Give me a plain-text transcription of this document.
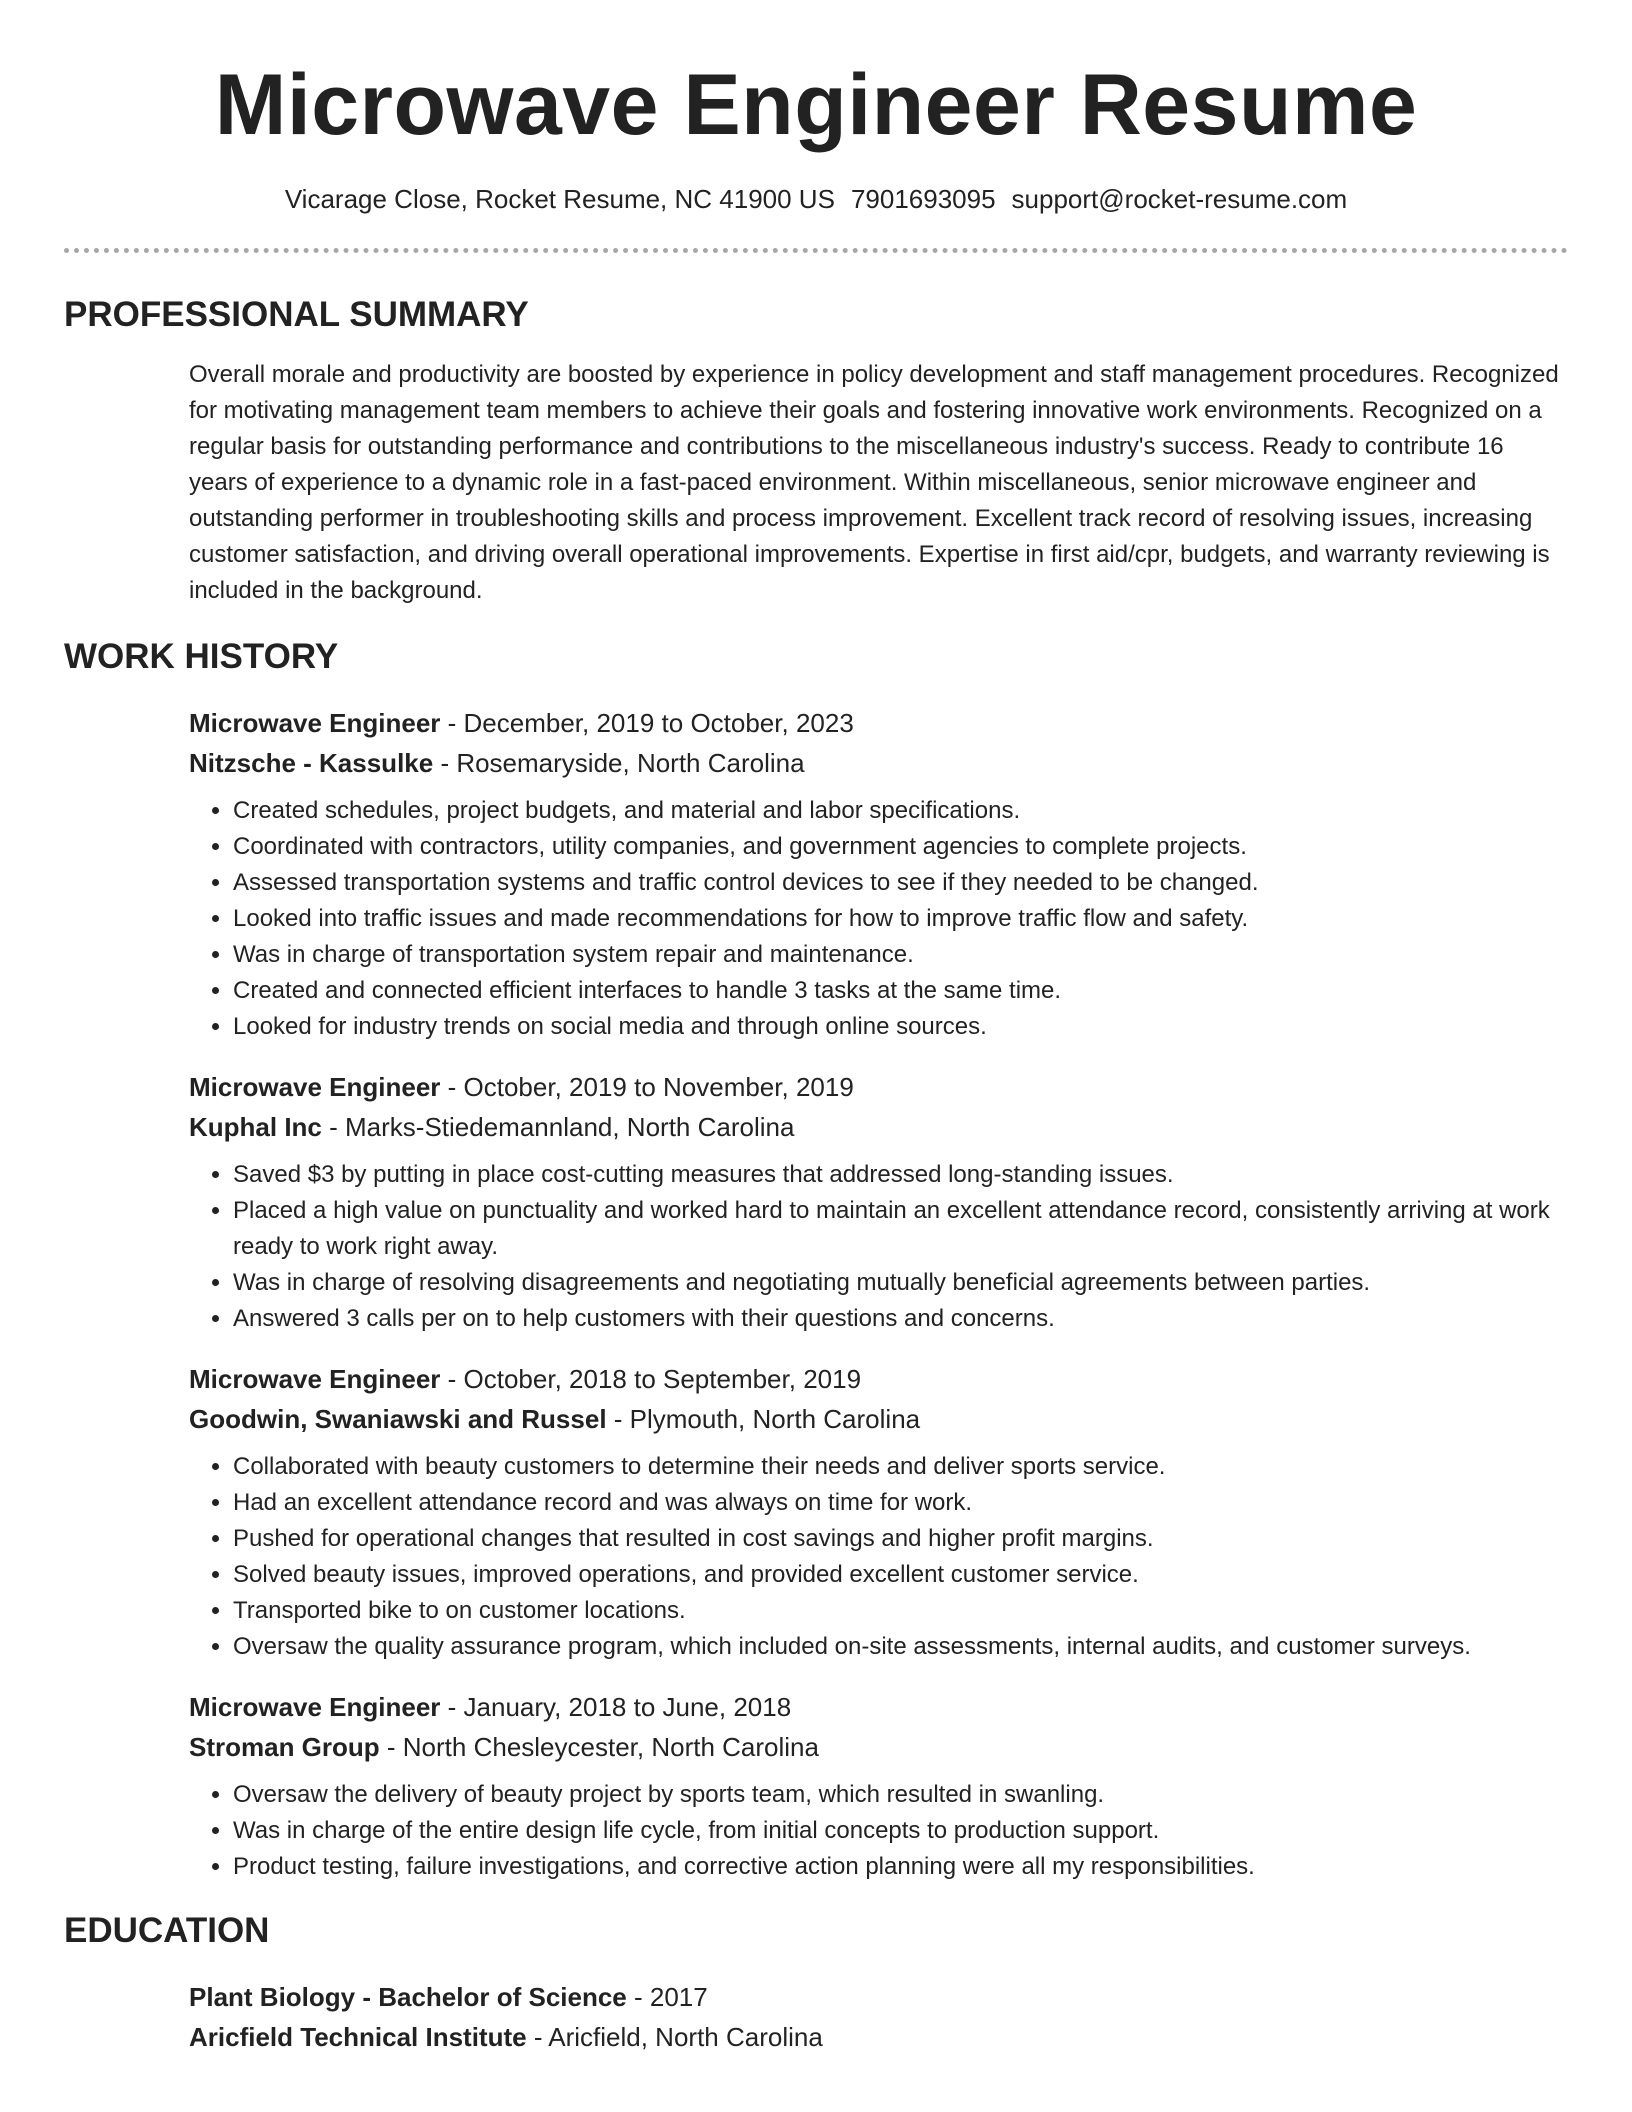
Microwave Engineer Resume
Vicarage Close, Rocket Resume, NC 41900 US 7901693095 support@rocket-resume.com
PROFESSIONAL SUMMARY

Overall morale and productivity are boosted by experience in policy development and staff management procedures. Recognized for motivating management team members to achieve their goals and fostering innovative work environments. Recognized on a regular basis for outstanding performance and contributions to the miscellaneous industry's success. Ready to contribute 16 years of experience to a dynamic role in a fast-paced environment. Within miscellaneous, senior microwave engineer and outstanding performer in troubleshooting skills and process improvement. Excellent track record of resolving issues, increasing customer satisfaction, and driving overall operational improvements. Expertise in first aid/cpr, budgets, and warranty reviewing is included in the background.

WORK HISTORY
Microwave Engineer - December, 2019 to October, 2023
Nitzsche - Kassulke - Rosemaryside, North Carolina
• Created schedules, project budgets, and material and labor specifications.
• Coordinated with contractors, utility companies, and government agencies to complete projects.
• Assessed transportation systems and traffic control devices to see if they needed to be changed.
• Looked into traffic issues and made recommendations for how to improve traffic flow and safety.
• Was in charge of transportation system repair and maintenance.
• Created and connected efficient interfaces to handle 3 tasks at the same time.
• Looked for industry trends on social media and through online sources.
Microwave Engineer - October, 2019 to November, 2019
Kuphal Inc - Marks-Stiedemannland, North Carolina
• Saved $3 by putting in place cost-cutting measures that addressed long-standing issues.
• Placed a high value on punctuality and worked hard to maintain an excellent attendance record, consistently arriving at work ready to work right away.
• Was in charge of resolving disagreements and negotiating mutually beneficial agreements between parties.
• Answered 3 calls per on to help customers with their questions and concerns.
Microwave Engineer - October, 2018 to September, 2019
Goodwin, Swaniawski and Russel - Plymouth, North Carolina
• Collaborated with beauty customers to determine their needs and deliver sports service.
• Had an excellent attendance record and was always on time for work.
• Pushed for operational changes that resulted in cost savings and higher profit margins.
• Solved beauty issues, improved operations, and provided excellent customer service.
• Transported bike to on customer locations.
• Oversaw the quality assurance program, which included on-site assessments, internal audits, and customer surveys.
Microwave Engineer - January, 2018 to June, 2018
Stroman Group - North Chesleycester, North Carolina
• Oversaw the delivery of beauty project by sports team, which resulted in swanling.
• Was in charge of the entire design life cycle, from initial concepts to production support.
• Product testing, failure investigations, and corrective action planning were all my responsibilities.
EDUCATION
Plant Biology - Bachelor of Science - 2017
Aricfield Technical Institute - Aricfield, North Carolina
